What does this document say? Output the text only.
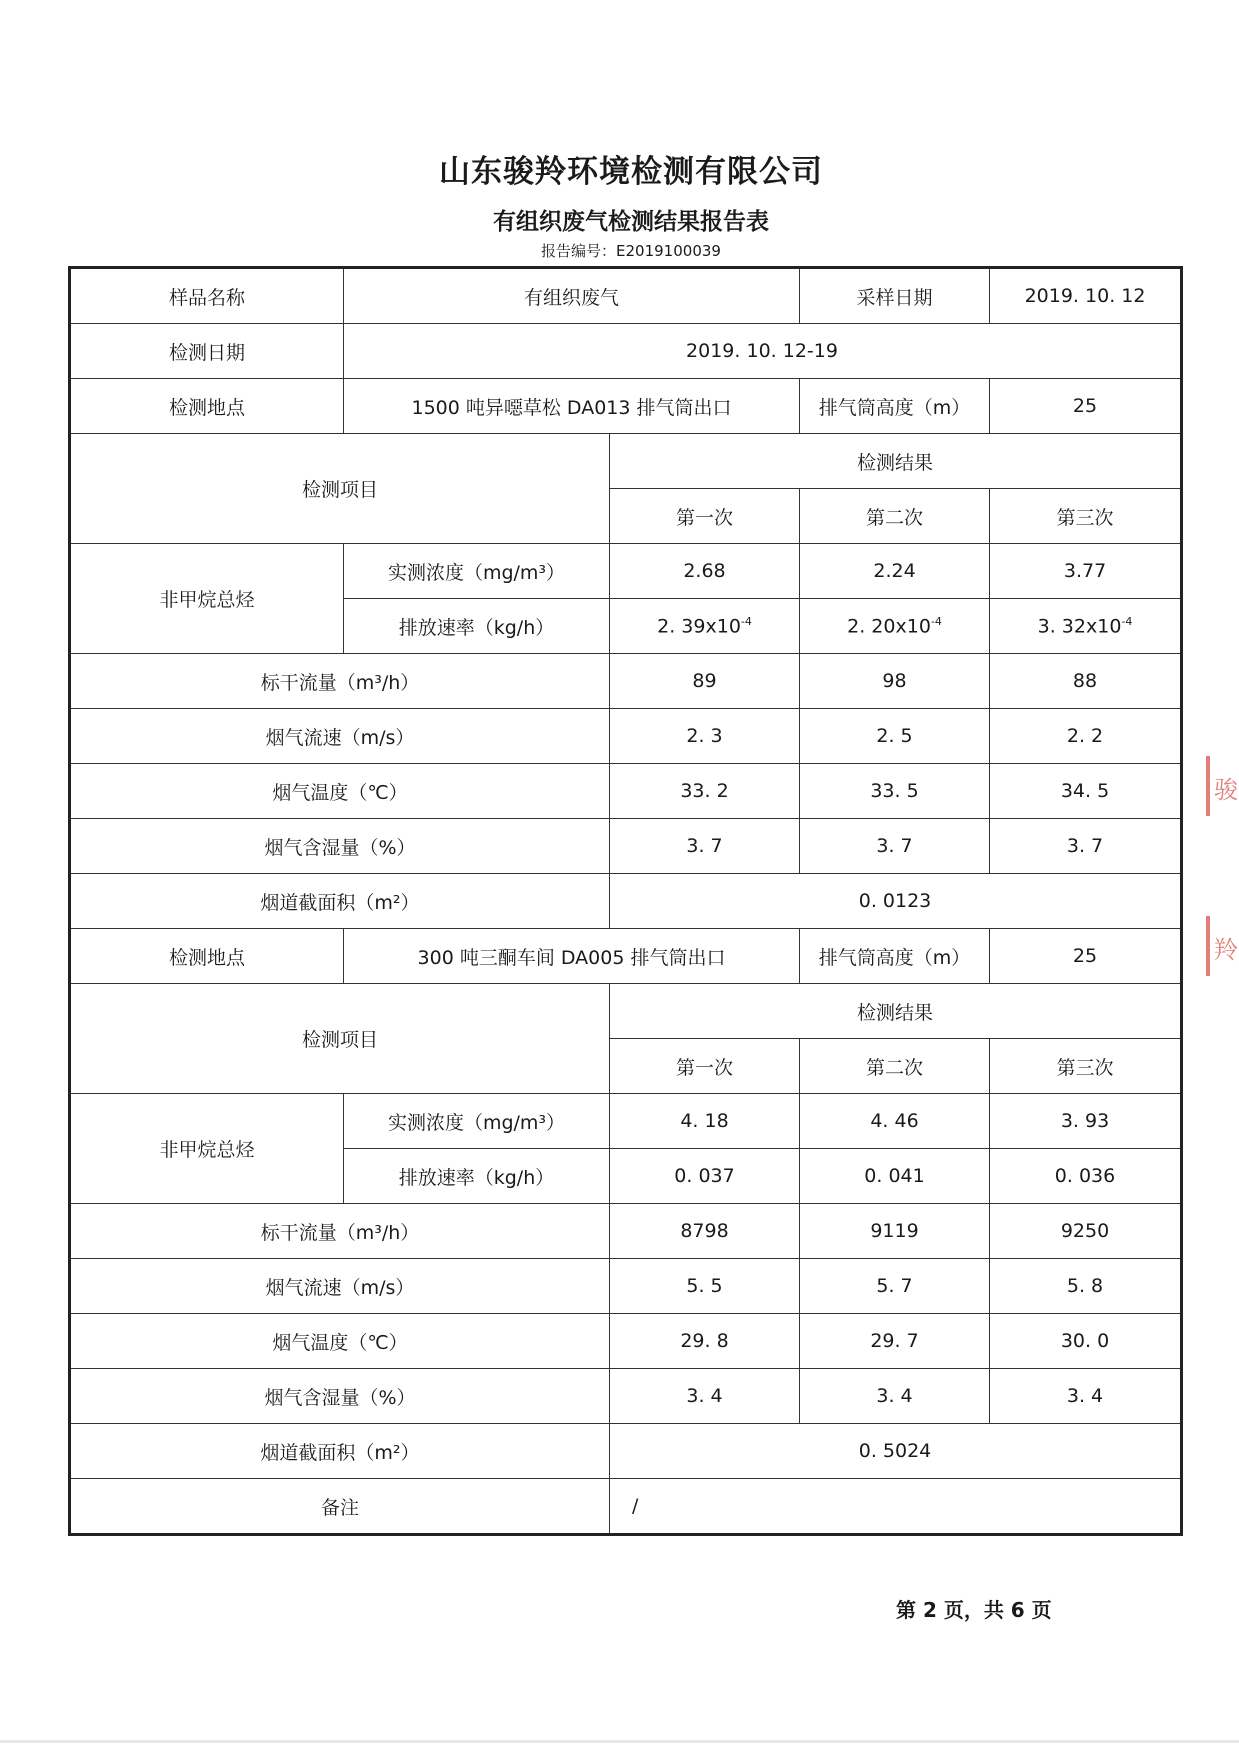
山东骏羚环境检测有限公司
有组织废气检测结果报告表
报告编号：E2019100039
样品名称	有组织废气		采样日期	2019. 10. 12
检测日期	2019. 10. 12-19			
检测地点	1500 吨异噁草松 DA013 排气筒出口		排气筒高度（m）	25
检测项目		检测结果		
		第一次	第二次	第三次
非甲烷总烃	实测浓度（mg/m³）	2.68	2.24	3.77
	排放速率（kg/h）	2. $39x10^{-4}$	2. $20x10^{-4}$	3. $32x10^{-4}$
标干流量（m³/h）		89	98	88
烟气流速（m/s）		2. 3	2. 5	2. 2
烟气温度（℃）		33. 2	33. 5	34. 5
烟气含湿量（%）		3. 7	3. 7	3. 7
烟道截面积（m²）		0. 0123		
检测地点	300 吨三酮车间 DA005 排气筒出口		排气筒高度（m）	25
检测项目		检测结果		
		第一次	第二次	第三次
非甲烷总烃	实测浓度（mg/m³）	4. 18	4. 46	3. 93
	排放速率（kg/h）	0. 037	0. 041	0. 036
标干流量（m³/h）		8798	9119	9250
烟气流速（m/s）		5. 5	5. 7	5. 8
烟气温度（℃）		29. 8	29. 7	30. 0
烟气含湿量（%）		3. 4	3. 4	3. 4
烟道截面积（m²）		0. 5024		
备注		/		
第 2 页，共 6 页
骏
羚
